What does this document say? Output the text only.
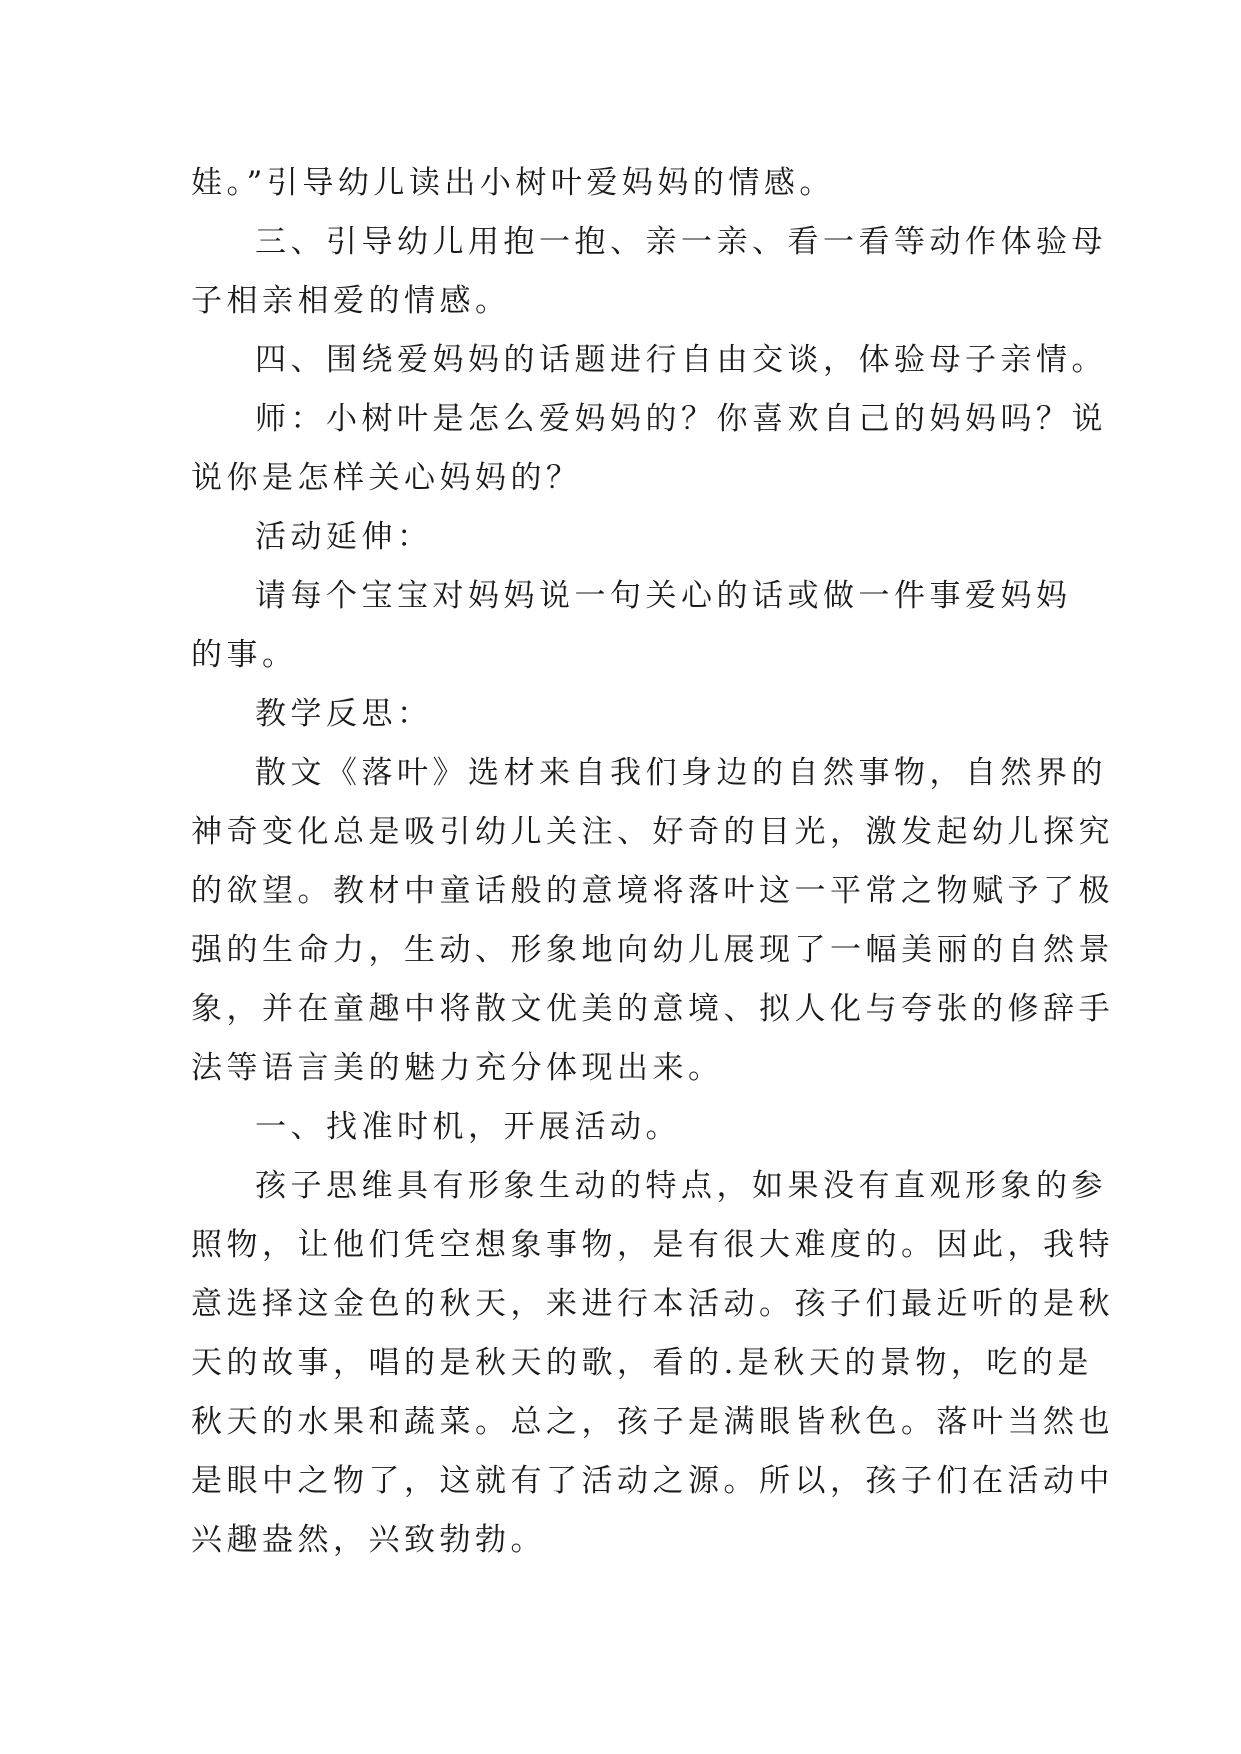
娃。”引导幼儿读出小树叶爱妈妈的情感。
三、引导幼儿用抱一抱、亲一亲、看一看等动作体验母
子相亲相爱的情感。
四、围绕爱妈妈的话题进行自由交谈，体验母子亲情。
师：小树叶是怎么爱妈妈的？你喜欢自己的妈妈吗？说
说你是怎样关心妈妈的？
活动延伸：
请每个宝宝对妈妈说一句关心的话或做一件事爱妈妈
的事。
教学反思：
散文《落叶》选材来自我们身边的自然事物，自然界的
神奇变化总是吸引幼儿关注、好奇的目光，激发起幼儿探究
的欲望。教材中童话般的意境将落叶这一平常之物赋予了极
强的生命力，生动、形象地向幼儿展现了一幅美丽的自然景
象，并在童趣中将散文优美的意境、拟人化与夸张的修辞手
法等语言美的魅力充分体现出来。
一、找准时机，开展活动。
孩子思维具有形象生动的特点，如果没有直观形象的参
照物，让他们凭空想象事物，是有很大难度的。因此，我特
意选择这金色的秋天，来进行本活动。孩子们最近听的是秋
天的故事，唱的是秋天的歌，看的.是秋天的景物，吃的是
秋天的水果和蔬菜。总之，孩子是满眼皆秋色。落叶当然也
是眼中之物了，这就有了活动之源。所以，孩子们在活动中
兴趣盎然，兴致勃勃。
